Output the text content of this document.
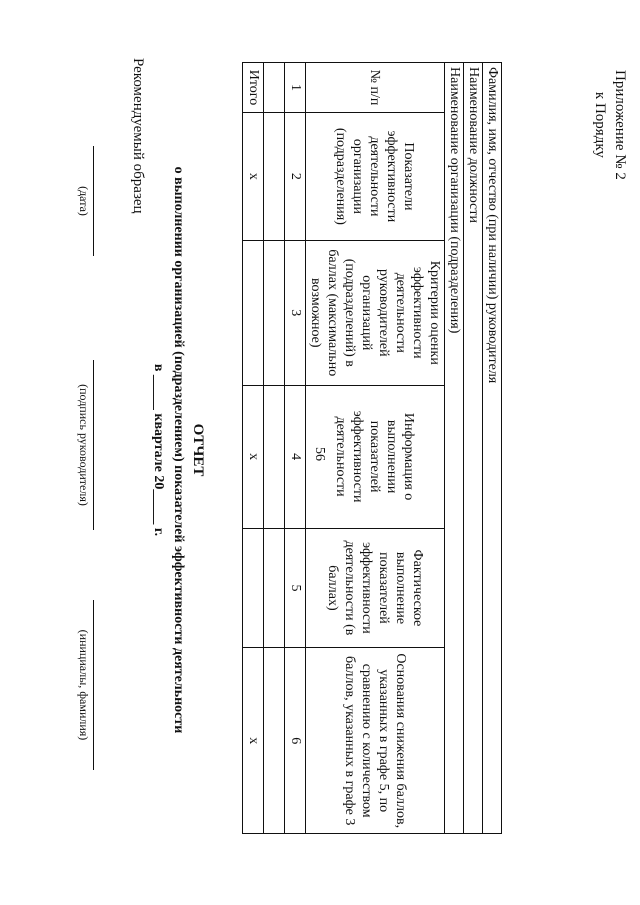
56
Приложение № 2
к Порядку
Рекомендуемый образец
ОТЧЕТ
о выполнении организацией (подразделением) показателей эффективности деятельности
в _____ квартале 20_____ г.
Фамилия, имя, отчество (при наличии) руководителя					
Наименование должности					
Наименование организации (подразделения)					
№ п/п	Показатели эффективности деятельности организации (подразделения)	Критерии оценки эффективности деятельности руководителей организаций (подразделений) в баллах (максимально возможное)	Информация о выполнении показателей эффективности деятельности	Фактическое выполнение показателей эффективности деятельности (в баллах)	Основания снижения баллов, указанных в графе 5, по сравнению с количеством баллов, указанных в графе 3
1	2	3	4	5	6

Итого	x		x		x
(дата)
(подпись руководителя)
(инициалы, фамилия)
